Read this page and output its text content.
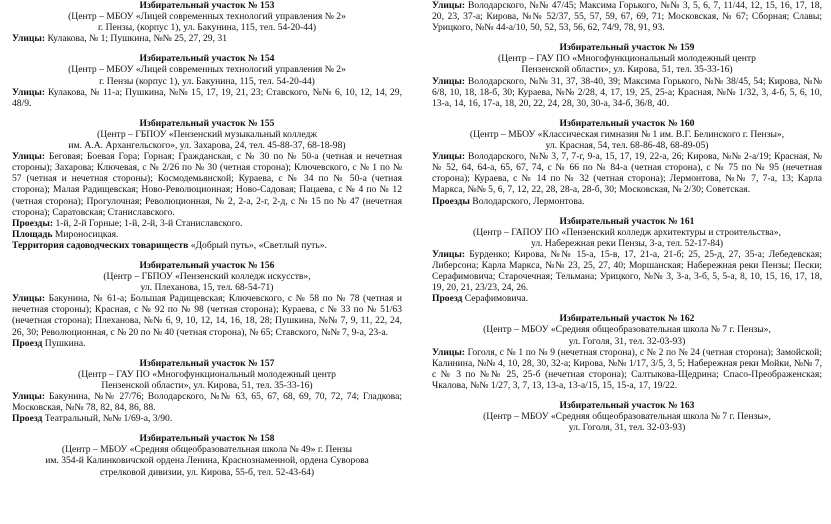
Избирательный участок № 153
(Центр – МБОУ «Лицей современных технологий управления № 2»
г. Пензы, (корпус 1), ул. Бакунина, 115, тел. 54-20-44)
Улицы: Кулакова, № 1; Пушкина, №№ 25, 27, 29, 31
Избирательный участок № 154
(Центр – МБОУ «Лицей современных технологий управления № 2»
г. Пензы (корпус 1), ул. Бакунина, 115, тел. 54-20-44)
Улицы: Кулакова, № 11-а; Пушкина, №№ 15, 17, 19, 21, 23; Ставского, №№ 6, 10, 12, 14, 29, 48/9.
Избирательный участок № 155
(Центр – ГБПОУ «Пензенский музыкальный колледж
им. А.А. Архангельского», ул. Захарова, 24, тел. 45-88-37, 68-18-98)
Улицы: Беговая; Боевая Гора; Горная; Гражданская, с № 30 по № 50-а (четная и нечетная стороны); Захарова; Ключевая, с № 2/26 по № 30 (четная сторона); Ключевского, с № 1 по № 57 (четная и нечетная стороны); Космодемьянской; Кураева, с № 34 по № 50-а (четная сторона); Малая Радищевская; Ново-Революционная; Ново-Садовая; Пацаева, с № 4 по № 12 (четная сторона); Прогулочная; Революционная, № 2, 2-а, 2-г, 2-д, с № 15 по № 47 (нечетная сторона); Саратовская; Станиславского.
Проезды: 1-й, 2-й Горные; 1-й, 2-й, 3-й Станиславского.
Площадь Мироносицкая.
Территория садоводческих товариществ «Добрый путь», «Светлый путь».
Избирательный участок № 156
(Центр – ГБПОУ «Пензенский колледж искусств»,
ул. Плеханова, 15, тел. 68-54-71)
Улицы: Бакунина, № 61-а; Большая Радищевская; Ключевского, с № 58 по № 78 (четная и нечетная стороны); Красная, с № 92 по № 98 (четная сторона); Кураева, с № 33 по № 51/63 (нечетная сторона); Плеханова, №№ 6, 9, 10, 12, 14, 16, 18, 28; Пушкина, №№ 7, 9, 11, 22, 24, 26, 30; Революционная, с № 20 по № 40 (четная сторона), № 65; Ставского, №№ 7, 9-а, 23-а.
Проезд Пушкина.
Избирательный участок № 157
(Центр – ГАУ ПО «Многофункциональный молодежный центр
Пензенской области», ул. Кирова, 51, тел. 35-33-16)
Улицы: Бакунина, №№ 27/76; Володарского, №№ 63, 65, 67, 68, 69, 70, 72, 74; Гладкова; Московская, №№ 78, 82, 84, 86, 88.
Проезд Театральный, №№ 1/69-а, 3/90.
Избирательный участок № 158
(Центр – МБОУ «Средняя общеобразовательная школа № 49» г. Пензы
им. 354-й Калинковичской ордена Ленина, Краснознаменной, ордена Суворова
стрелковой дивизии, ул. Кирова, 55-б, тел. 52-43-64)
Улицы: Володарского, №№ 47/45; Максима Горького, №№ 3, 5, 6, 7, 11/44, 12, 15, 16, 17, 18, 20, 23, 37-а; Кирова, №№ 52/37, 55, 57, 59, 67, 69, 71; Московская, № 67; Сборная; Славы; Урицкого, №№ 44-а/10, 50, 52, 53, 56, 62, 74/9, 78, 91, 93.
Избирательный участок № 159
(Центр – ГАУ ПО «Многофункциональный молодежный центр
Пензенской области», ул. Кирова, 51, тел. 35-33-16)
Улицы: Володарского, №№ 31, 37, 38-40, 39; Максима Горького, №№ 38/45, 54; Кирова, №№ 6/8, 10, 18, 18-б, 30; Кураева, №№ 2/28, 4, 17, 19, 25, 25-а; Красная, №№ 1/32, 3, 4-б, 5, 6, 10, 13-а, 14, 16, 17-а, 18, 20, 22, 24, 28, 30, 30-а, 34-б, 36/8, 40.
Избирательный участок № 160
(Центр – МБОУ «Классическая гимназия № 1 им. В.Г. Белинского г. Пензы»,
ул. Красная, 54, тел. 68-86-48, 68-89-05)
Улицы: Володарского, №№ 3, 7, 7-г, 9-а, 15, 17, 19, 22-а, 26; Кирова, №№ 2-а/19; Красная, №№ 52, 64, 64-а, 65, 67, 74, с № 66 по № 84-а (четная сторона), с № 75 по № 95 (нечетная сторона); Кураева, с № 14 по № 32 (четная сторона); Лермонтова, №№ 7, 7-а, 13; Карла Маркса, №№ 5, 6, 7, 12, 22, 28, 28-а, 28-б, 30; Московская, № 2/30; Советская.
Проезды Володарского, Лермонтова.
Избирательный участок № 161
(Центр – ГАПОУ ПО «Пензенский колледж архитектуры и строительства»,
ул. Набережная реки Пензы, 3-а, тел. 52-17-84)
Улицы: Бурденко; Кирова, №№ 15-а, 15-в, 17, 21-а, 21-б; 25, 25-д, 27, 35-а; Лебедевская; Либерсона; Карла Маркса, №№ 23, 25, 27, 40; Моршанская; Набережная реки Пензы; Пески; Серафимовича; Старочечная; Тельмана; Урицкого, №№ 3, 3-а, 3-б, 5, 5-а, 8, 10, 15, 16, 17, 18, 19, 20, 21, 23/23, 24, 26.
Проезд Серафимовича.
Избирательный участок № 162
(Центр – МБОУ «Средняя общеобразовательная школа № 7 г. Пензы»,
ул. Гоголя, 31, тел. 32-03-93)
Улицы: Гоголя, с № 1 по № 9 (нечетная сторона), с № 2 по № 24 (четная сторона); Замойской; Калинина, №№ 4, 10, 28, 30, 32-а; Кирова, №№ 1/17, 3/5, 3, 5; Набережная реки Мойки, №№ 7, с № 3 по №№ 25, 25-б (нечетная сторона); Салтыкова-Щедрина; Спасо-Преображенская; Чкалова, №№ 1/27, 3, 7, 13, 13-а, 13-а/15, 15, 15-а, 17, 19/22.
Избирательный участок № 163
(Центр – МБОУ «Средняя общеобразовательная школа № 7 г. Пензы»,
ул. Гоголя, 31, тел. 32-03-93)
